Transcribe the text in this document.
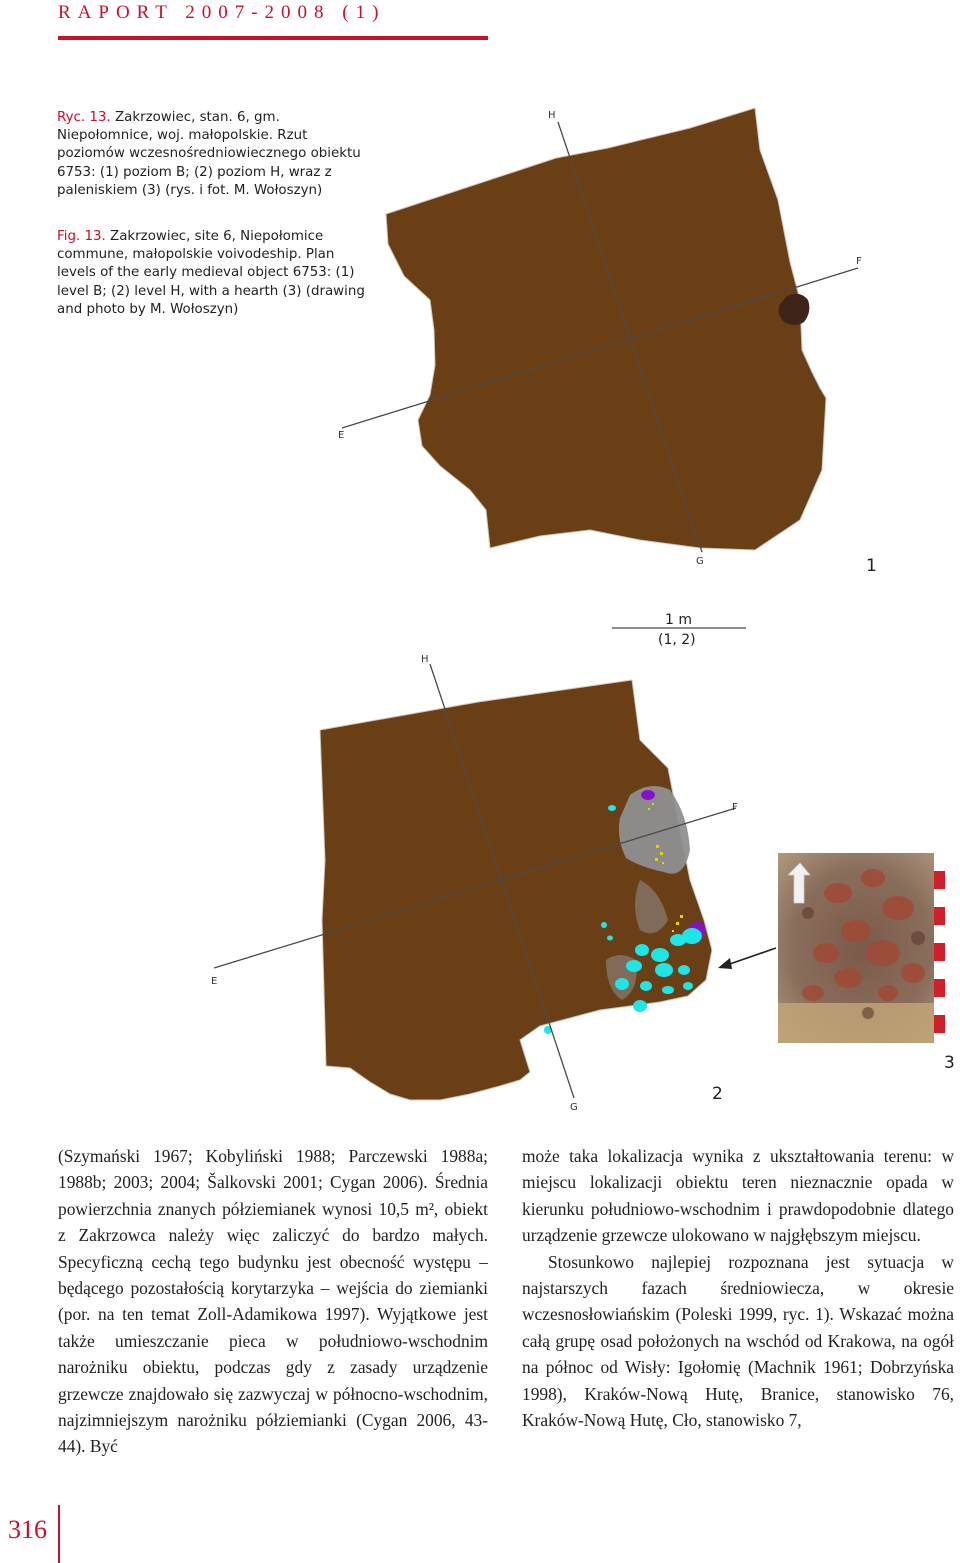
RAPORT 2007-2008 (1)
Ryc. 13. Zakrzowiec, stan. 6, gm. Niepołomnice, woj. małopolskie. Rzut poziomów wczesnośredniowiecznego obiektu 6753: (1) poziom B; (2) poziom H, wraz z paleniskiem (3) (rys. i fot. M. Wołoszyn)
Fig. 13. Zakrzowiec, site 6, Niepołomice commune, małopolskie voivodeship. Plan levels of the early medieval object 6753: (1) level B; (2) level H, with a hearth (3) (drawing and photo by M. Wołoszyn)
H
F
E
G	1
1 m
(1, 2)
H
F
E
G
2
3

(Szymański 1967; Kobyliński 1988; Parczewski 1988a; 1988b; 2003; 2004; Šalkovski 2001; Cygan 2006). Średnia powierzchnia znanych półziemianek wynosi 10,5 m², obiekt z Zakrzowca należy więc zaliczyć do bardzo małych. Specyficzną cechą tego budynku jest obecność występu – będącego pozostałością korytarzyka – wejścia do ziemianki (por. na ten temat Zoll-Adamikowa 1997). Wyjątkowe jest także umieszczanie pieca w południowo-wschodnim narożniku obiektu, podczas gdy z zasady urządzenie grzewcze znajdowało się zazwyczaj w północno-wschodnim, najzimniejszym narożniku półziemianki (Cygan 2006, 43-44). Być

może taka lokalizacja wynika z ukształtowania terenu: w miejscu lokalizacji obiektu teren nieznacznie opada w kierunku południowo-wschodnim i prawdopodobnie dlatego urządzenie grzewcze ulokowano w najgłębszym miejscu.

Stosunkowo najlepiej rozpoznana jest sytuacja w najstarszych fazach średniowiecza, w okresie wczesnosłowiańskim (Poleski 1999, ryc. 1). Wskazać można całą grupę osad położonych na wschód od Krakowa, na ogół na północ od Wisły: Igołomię (Machnik 1961; Dobrzyńska 1998), Kraków-Nową Hutę, Branice, stanowisko 76, Kraków-Nową Hutę, Cło, stanowisko 7,

316
